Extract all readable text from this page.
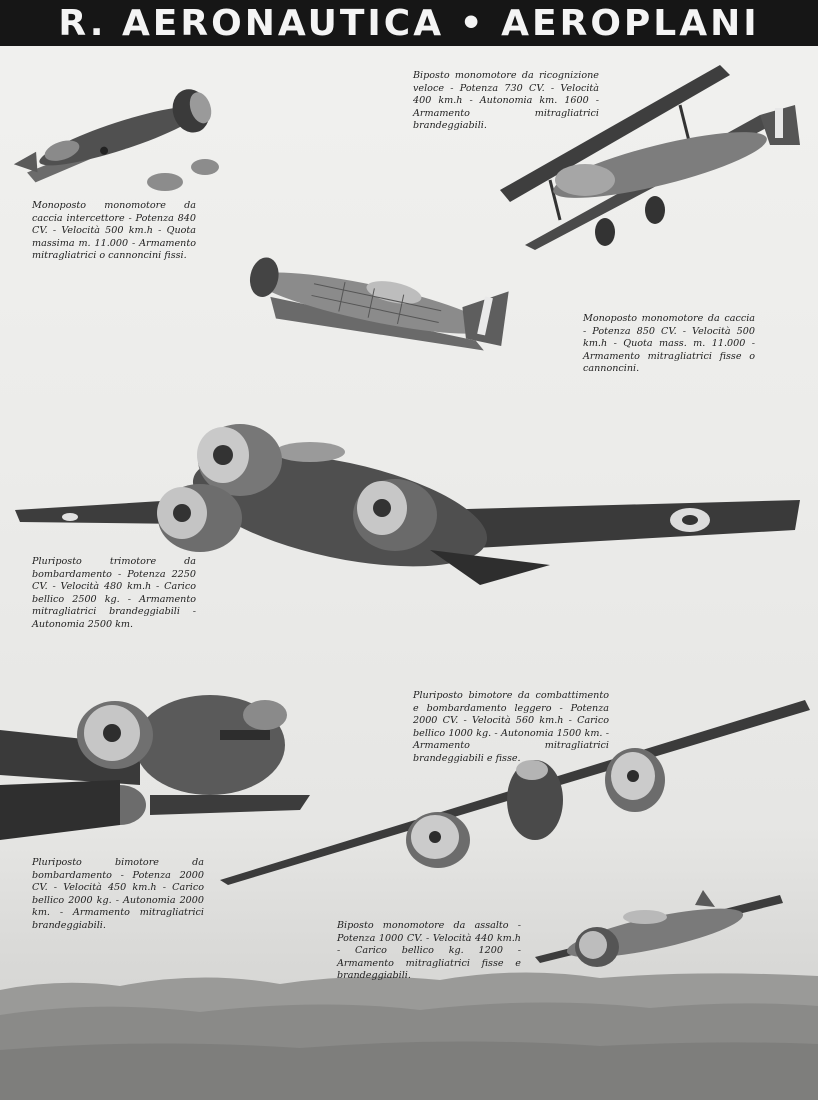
R. AERONAUTICA • AEROPLANI
Monoposto monomotore da caccia intercettore - Potenza 840 CV. - Velocità 500 km.h - Quota massima m. 11.000 - Armamento mitragliatrici o cannoncini fissi.
Biposto monomotore da ricognizione veloce - Potenza 730 CV. - Velocità 400 km.h - Autonomia km. 1600 - Armamento mitragliatrici brandeggiabili.
Monoposto monomotore da caccia - Potenza 850 CV. - Velocità 500 km.h - Quota mass. m. 11.000 - Armamento mitragliatrici fisse o cannoncini.
Pluriposto trimotore da bombardamento - Potenza 2250 CV. - Velocità 480 km.h - Carico bellico 2500 kg. - Armamento mitragliatrici brandeggiabili - Autonomia 2500 km.
Pluriposto bimotore da combattimento e bombardamento leggero - Potenza 2000 CV. - Velocità 560 km.h - Carico bellico 1000 kg. - Autonomia 1500 km. - Armamento mitragliatrici brandeggiabili e fisse.
Pluriposto bimotore da bombardamento - Potenza 2000 CV. - Velocità 450 km.h - Carico bellico 2000 kg. - Autonomia 2000 km. - Armamento mitragliatrici brandeggiabili.	Biposto monomotore da assalto - Potenza 1000 CV. - Velocità 440 km.h - Carico bellico kg. 1200 - Armamento mitragliatrici fisse e brandeggiabili.
